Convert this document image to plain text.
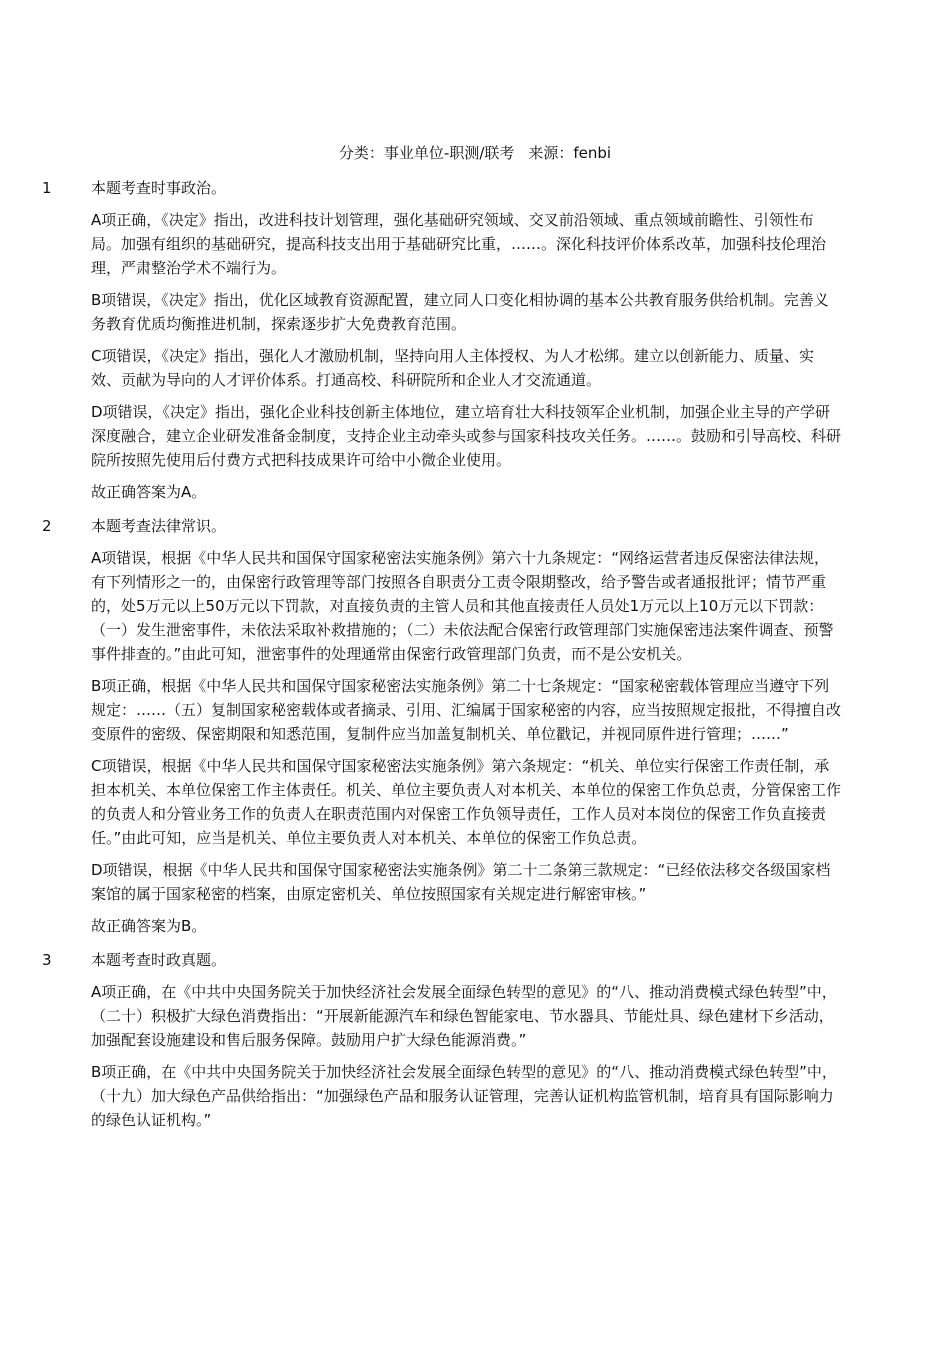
分类：事业单位-职测/联考 来源：fenbi
1	本题考查时事政治。
A项正确，《决定》指出，改进科技计划管理，强化基础研究领域、交叉前沿领域、重点领域前瞻性、引领性布局。加强有组织的基础研究，提高科技支出用于基础研究比重，……。深化科技评价体系改革，加强科技伦理治理，严肃整治学术不端行为。
B项错误，《决定》指出，优化区域教育资源配置，建立同人口变化相协调的基本公共教育服务供给机制。完善义务教育优质均衡推进机制，探索逐步扩大免费教育范围。
C项错误，《决定》指出，强化人才激励机制，坚持向用人主体授权、为人才松绑。建立以创新能力、质量、实效、贡献为导向的人才评价体系。打通高校、科研院所和企业人才交流通道。
D项错误，《决定》指出，强化企业科技创新主体地位，建立培育壮大科技领军企业机制，加强企业主导的产学研深度融合，建立企业研发准备金制度，支持企业主动牵头或参与国家科技攻关任务。……。鼓励和引导高校、科研院所按照先使用后付费方式把科技成果许可给中小微企业使用。
故正确答案为A。
2	本题考查法律常识。
A项错误，根据《中华人民共和国保守国家秘密法实施条例》第六十九条规定：“网络运营者违反保密法律法规，有下列情形之一的，由保密行政管理等部门按照各自职责分工责令限期整改，给予警告或者通报批评；情节严重的，处5万元以上50万元以下罚款，对直接负责的主管人员和其他直接责任人员处1万元以上10万元以下罚款：（一）发生泄密事件，未依法采取补救措施的；（二）未依法配合保密行政管理部门实施保密违法案件调查、预警事件排查的。”由此可知，泄密事件的处理通常由保密行政管理部门负责，而不是公安机关。
B项正确，根据《中华人民共和国保守国家秘密法实施条例》第二十七条规定：“国家秘密载体管理应当遵守下列规定：……（五）复制国家秘密载体或者摘录、引用、汇编属于国家秘密的内容，应当按照规定报批，不得擅自改变原件的密级、保密期限和知悉范围，复制件应当加盖复制机关、单位戳记，并视同原件进行管理；……”
C项错误，根据《中华人民共和国保守国家秘密法实施条例》第六条规定：“机关、单位实行保密工作责任制，承担本机关、本单位保密工作主体责任。机关、单位主要负责人对本机关、本单位的保密工作负总责，分管保密工作的负责人和分管业务工作的负责人在职责范围内对保密工作负领导责任，工作人员对本岗位的保密工作负直接责任。”由此可知，应当是机关、单位主要负责人对本机关、本单位的保密工作负总责。
D项错误，根据《中华人民共和国保守国家秘密法实施条例》第二十二条第三款规定：“已经依法移交各级国家档案馆的属于国家秘密的档案，由原定密机关、单位按照国家有关规定进行解密审核。”
故正确答案为B。
3	本题考查时政真题。
A项正确，在《中共中央国务院关于加快经济社会发展全面绿色转型的意见》的“八、推动消费模式绿色转型”中，（二十）积极扩大绿色消费指出：“开展新能源汽车和绿色智能家电、节水器具、节能灶具、绿色建材下乡活动，加强配套设施建设和售后服务保障。鼓励用户扩大绿色能源消费。”
B项正确，在《中共中央国务院关于加快经济社会发展全面绿色转型的意见》的“八、推动消费模式绿色转型”中，（十九）加大绿色产品供给指出：“加强绿色产品和服务认证管理，完善认证机构监管机制，培育具有国际影响力的绿色认证机构。”
